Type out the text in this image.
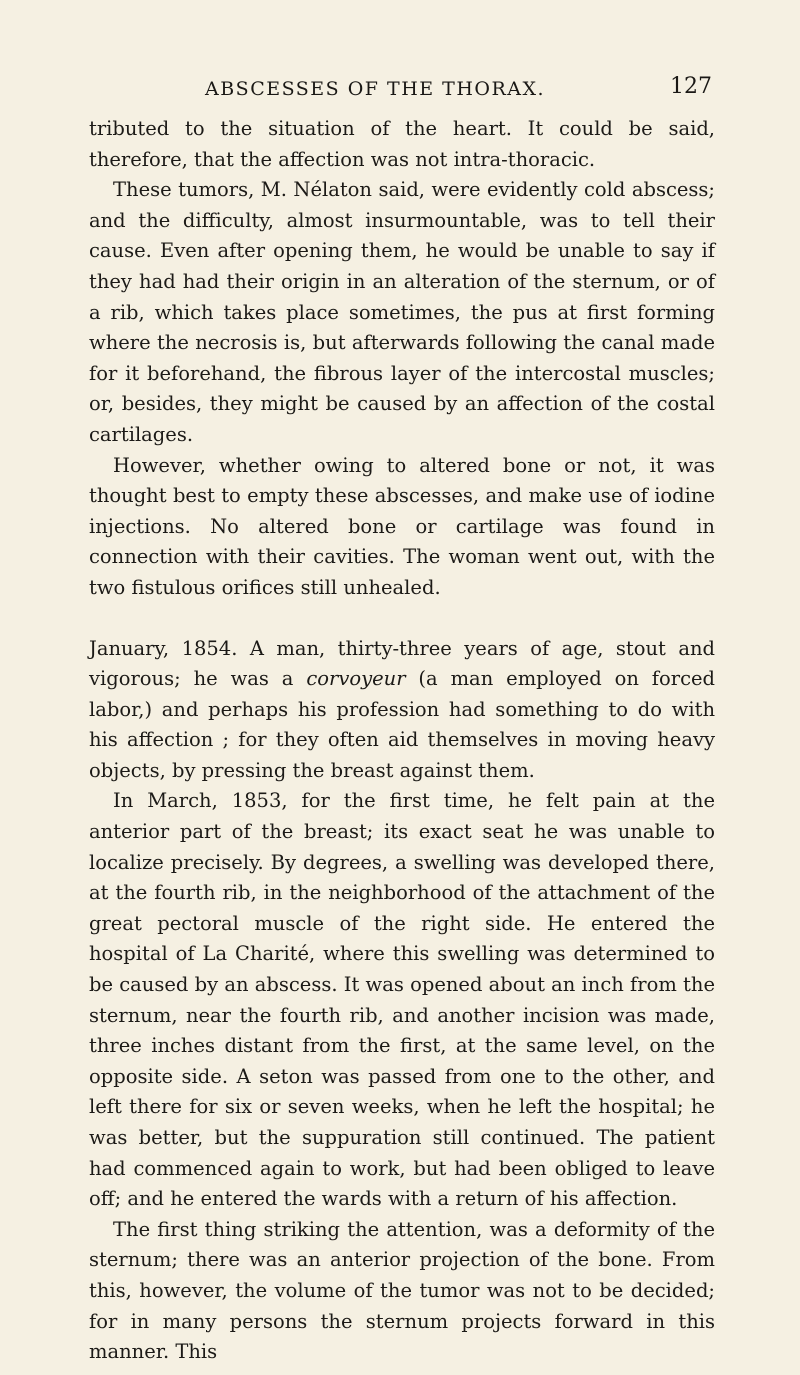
ABSCESSES OF THE THORAX.	127

tributed to the situation of the heart. It could be said, therefore, that the affection was not intra-thoracic.

These tumors, M. Nélaton said, were evidently cold abscess; and the difficulty, almost insurmountable, was to tell their cause. Even after opening them, he would be unable to say if they had had their origin in an alteration of the sternum, or of a rib, which takes place sometimes, the pus at first forming where the necrosis is, but afterwards following the canal made for it beforehand, the fibrous layer of the intercostal muscles; or, besides, they might be caused by an affection of the costal cartilages.

However, whether owing to altered bone or not, it was thought best to empty these abscesses, and make use of iodine injections. No altered bone or cartilage was found in connection with their cavities. The woman went out, with the two fistulous orifices still unhealed.

January, 1854. A man, thirty-three years of age, stout and vigorous; he was a corvoyeur (a man employed on forced labor,) and perhaps his profession had something to do with his affection ; for they often aid themselves in moving heavy objects, by pressing the breast against them.

In March, 1853, for the first time, he felt pain at the anterior part of the breast; its exact seat he was unable to localize precisely. By degrees, a swelling was developed there, at the fourth rib, in the neighborhood of the attachment of the great pectoral muscle of the right side. He entered the hospital of La Charité, where this swelling was determined to be caused by an abscess. It was opened about an inch from the sternum, near the fourth rib, and another incision was made, three inches distant from the first, at the same level, on the opposite side. A seton was passed from one to the other, and left there for six or seven weeks, when he left the hospital; he was better, but the suppuration still continued. The patient had commenced again to work, but had been obliged to leave off; and he entered the wards with a return of his affection.

The first thing striking the attention, was a deformity of the sternum; there was an anterior projection of the bone. From this, however, the volume of the tumor was not to be decided; for in many persons the sternum projects forward in this manner. This
